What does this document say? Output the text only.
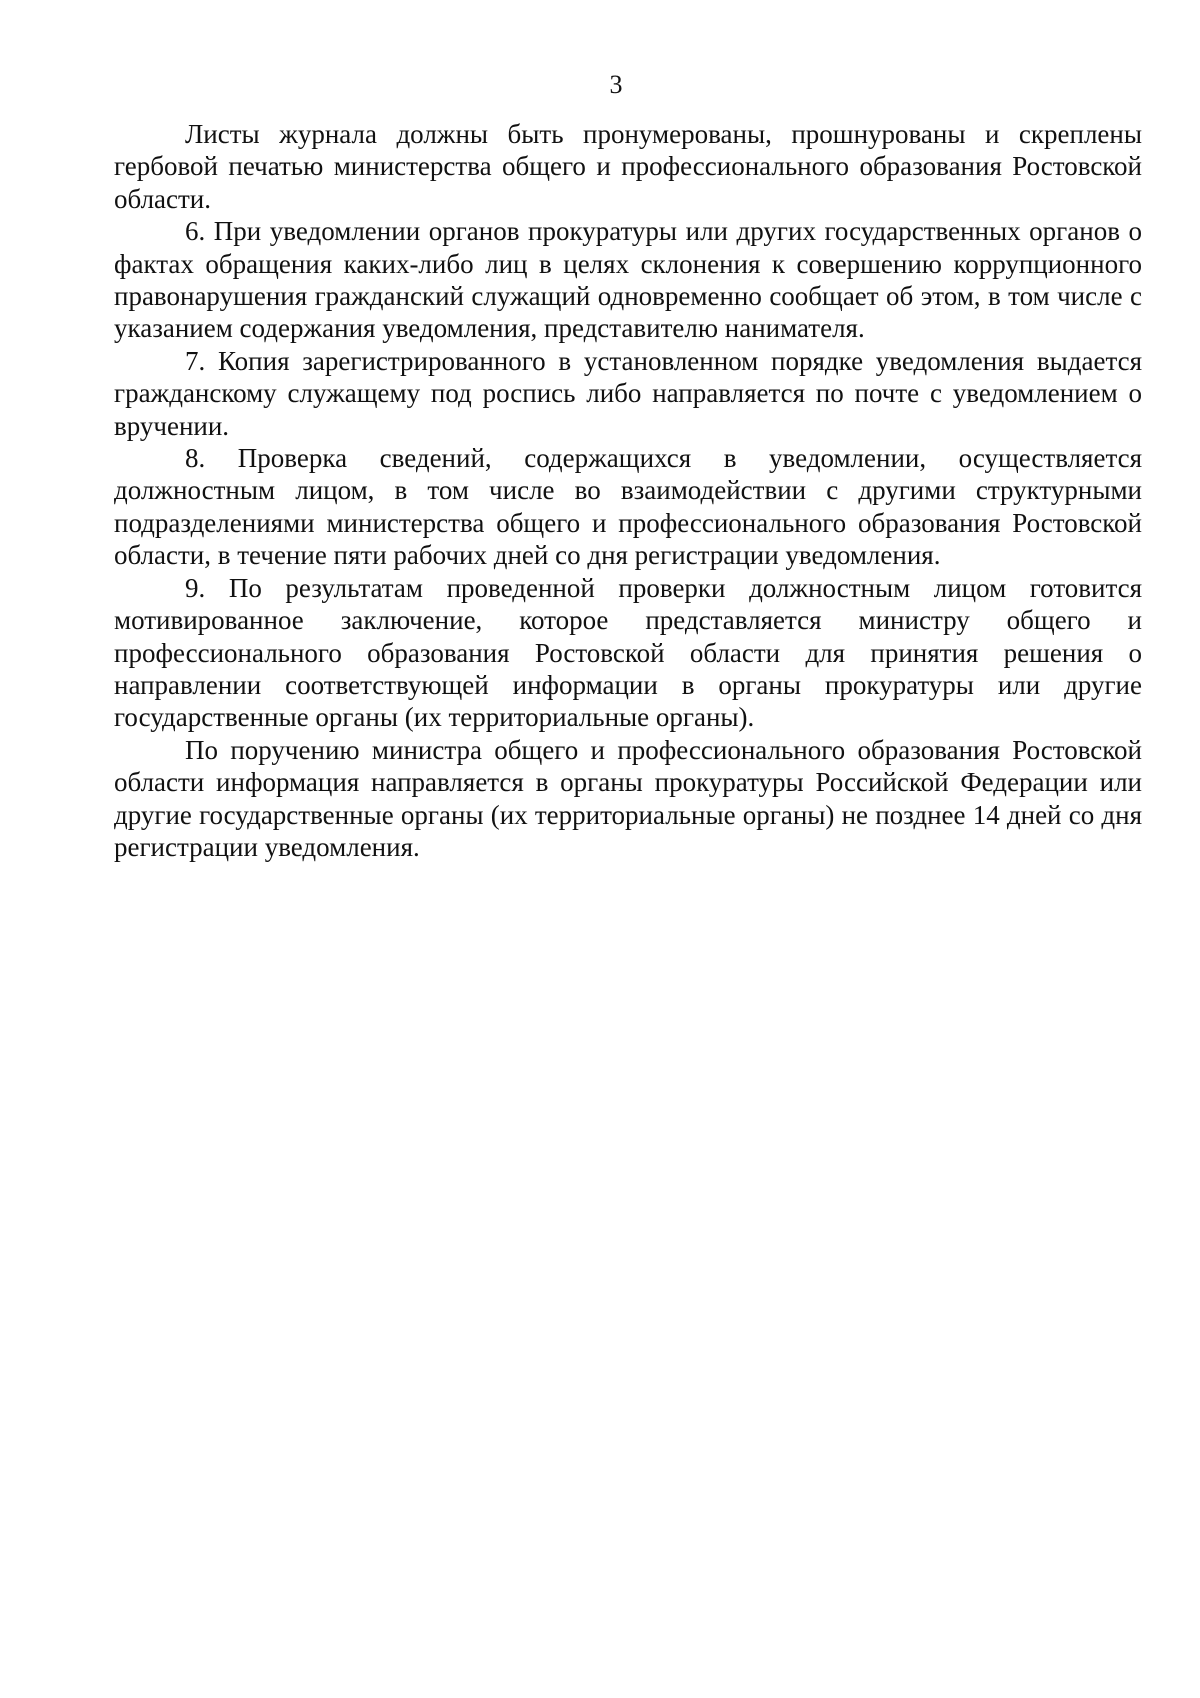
3

Листы журнала должны быть пронумерованы, прошнурованы и скреплены гербовой печатью министерства общего и профессионального образования Ростовской области.

6. При уведомлении органов прокуратуры или других государственных органов о фактах обращения каких-либо лиц в целях склонения к совершению коррупционного правонарушения гражданский служащий одновременно сообщает об этом, в том числе с указанием содержания уведомления, представителю нанимателя.

7. Копия зарегистрированного в установленном порядке уведомления выдается гражданскому служащему под роспись либо направляется по почте с уведомлением о вручении.

8. Проверка сведений, содержащихся в уведомлении, осуществляется должностным лицом, в том числе во взаимодействии с другими структурными подразделениями министерства общего и профессионального образования Ростовской области, в течение пяти рабочих дней со дня регистрации уведомления.

9. По результатам проведенной проверки должностным лицом готовится мотивированное заключение, которое представляется министру общего и профессионального образования Ростовской области для принятия решения о направлении соответствующей информации в органы прокуратуры или другие государственные органы (их территориальные органы).

По поручению министра общего и профессионального образования Ростовской области информация направляется в органы прокуратуры Российской Федерации или другие государственные органы (их территориальные органы) не позднее 14 дней со дня регистрации уведомления.
